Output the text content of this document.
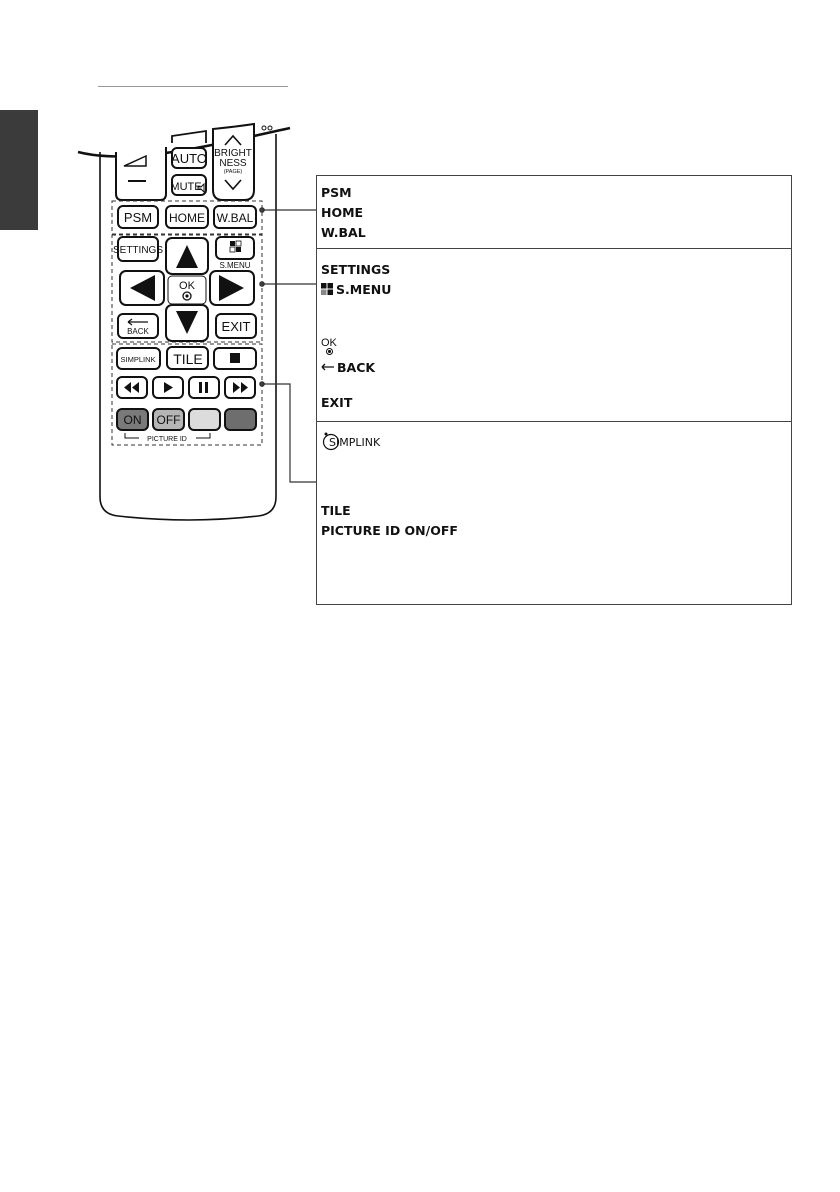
AUTO
MUTE
BRIGHT
NESS
(PAGE)
PSM HOME W.BAL
SETTINGS
S.MENU
OK
BACK	EXIT
SIMPLINK TILE
ON OFF
PICTURE ID
PSM
HOME
W.BAL
SETTINGS
S.MENU
OK
BACK
EXIT
SIMPLINK
TILE
PICTURE ID ON/OFF
